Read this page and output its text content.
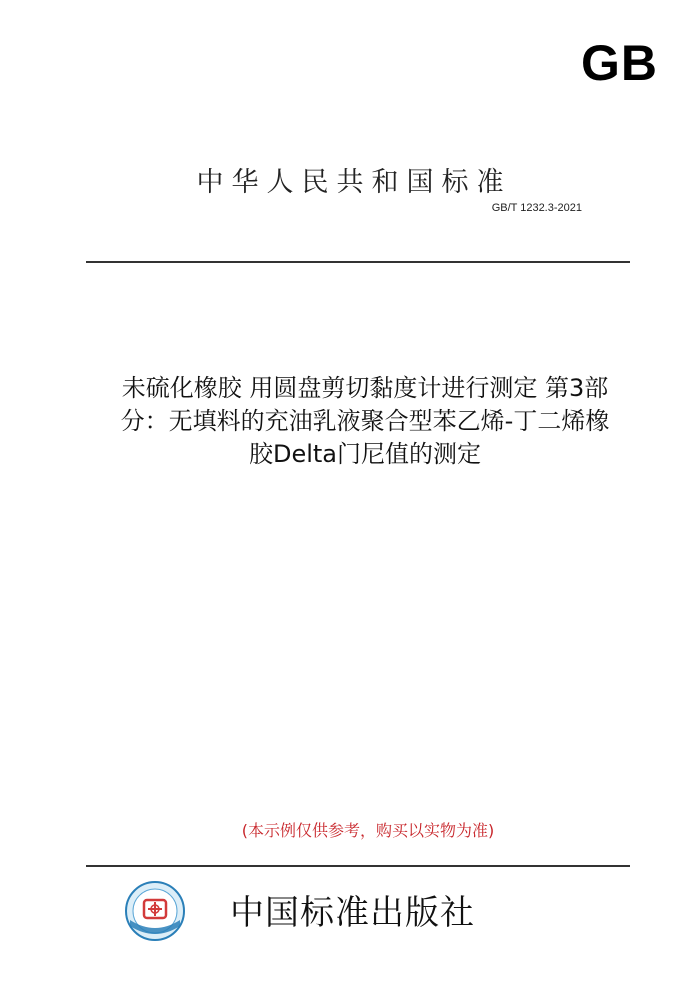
GB
中华人民共和国标准
GB/T 1232.3-2021
未硫化橡胶 用圆盘剪切黏度计进行测定 第3部
分：无填料的充油乳液聚合型苯乙烯-丁二烯橡
胶Delta门尼值的测定
(本示例仅供参考，购买以实物为准)
中国标准出版社
